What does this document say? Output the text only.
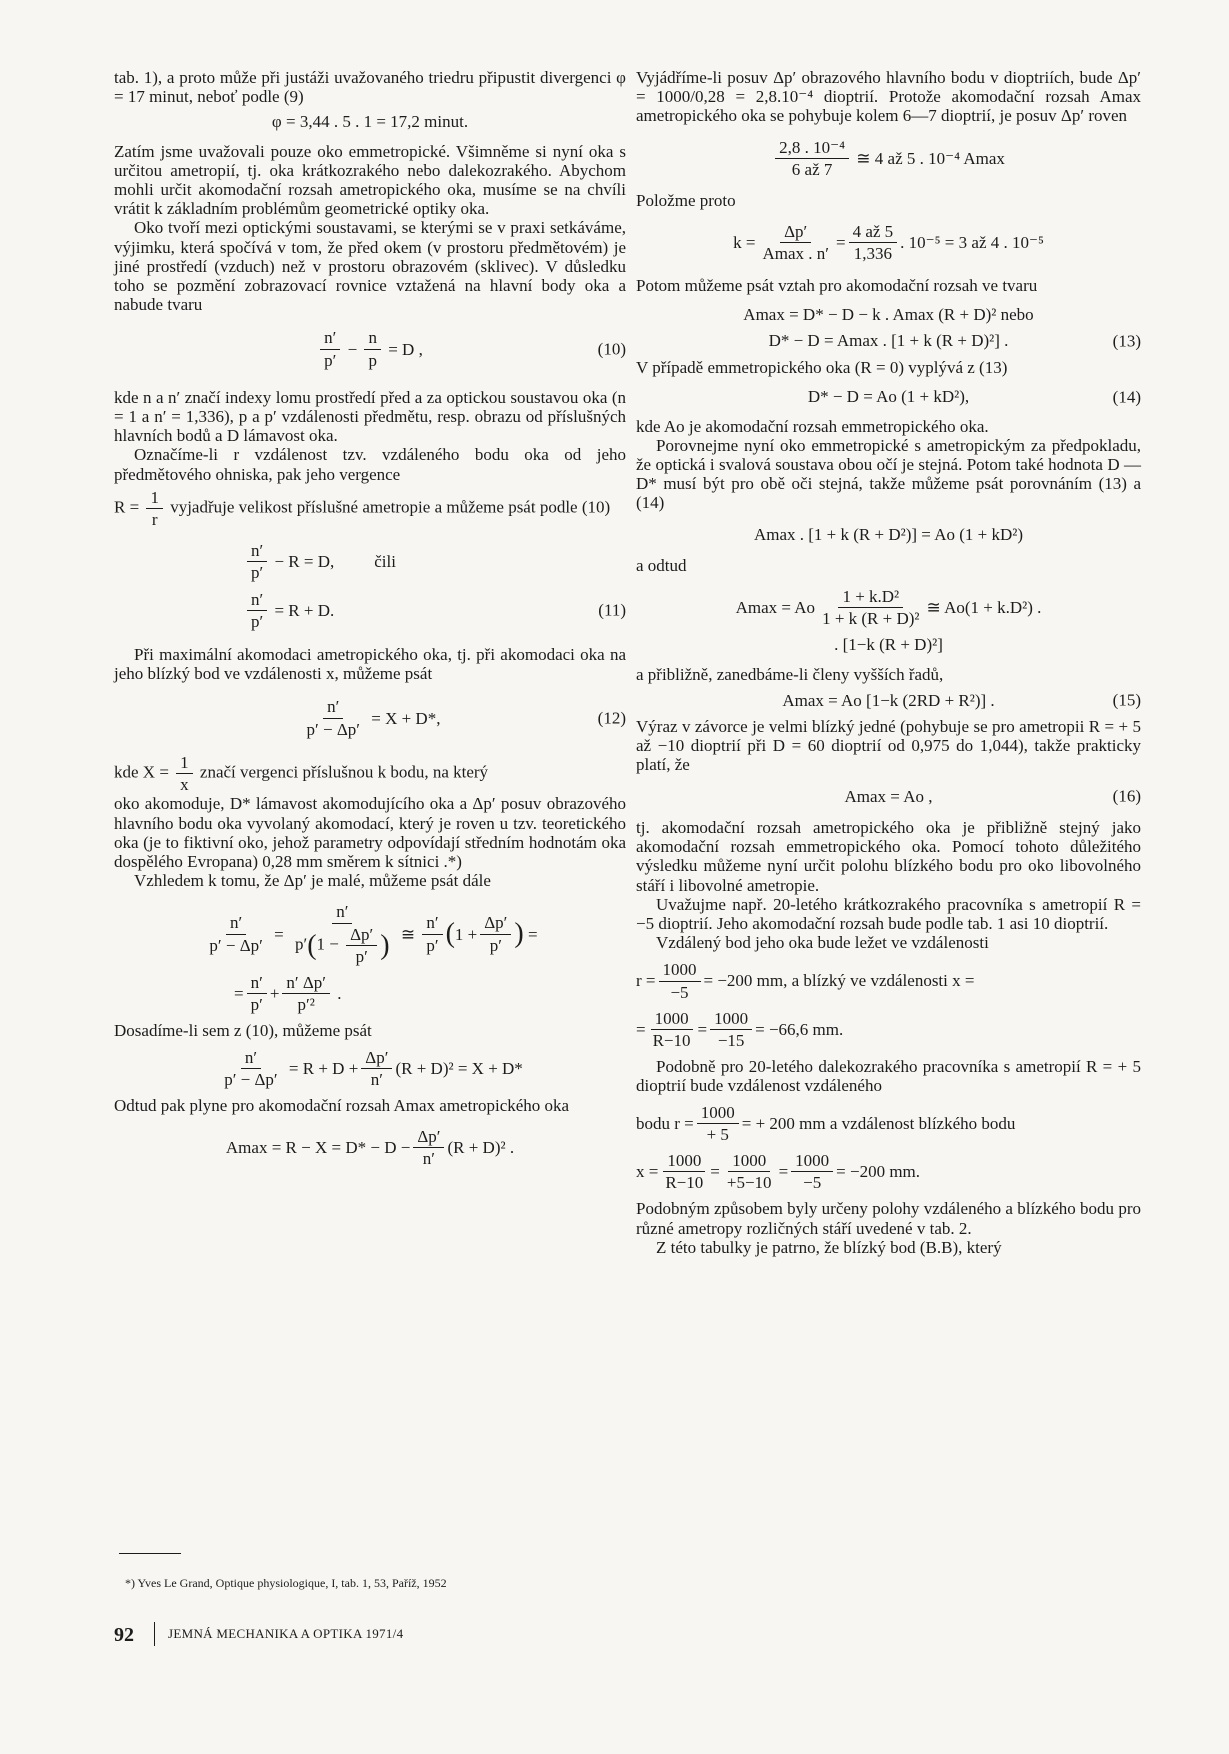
tab. 1), a proto může při justáži uvažovaného triedru připustit divergenci φ = 17 minut, neboť podle (9)

φ = 3,44 . 5 . 1 = 17,2 minut.

Zatím jsme uvažovali pouze oko emmetropické. Všimněme si nyní oka s určitou ametropií, tj. oka krátkozrakého nebo dalekozrakého. Abychom mohli určit akomodační rozsah ametropického oka, musíme se na chvíli vrátit k základním problémům geometrické optiky oka.

Oko tvoří mezi optickými soustavami, se kterými se v praxi setkáváme, výjimku, která spočívá v tom, že před okem (v prostoru předmětovém) je jiné prostředí (vzduch) než v prostoru obrazovém (sklivec). V důsledku toho se pozmění zobrazovací rovnice vztažená na hlavní body oka a nabude tvaru

$\frac{n'}{p'} - \frac{n}{p}$
= D ,	(10)

kde n a n′ značí indexy lomu prostředí před a za optickou soustavou oka (n = 1 a n′ = 1,336), p a p′ vzdálenosti předmětu, resp. obrazu od příslušných hlavních bodů a D lámavost oka.

Označíme-li r vzdálenost tzv. vzdáleného bodu oka od jeho předmětového ohniska, pak jeho vergence

$R = \frac{1}{r}$ vyjadřuje velikost příslušné ametropie a můžeme psát podle (10)

$\frac{n'}{p'}$
− R = D, čili
$\frac{n'}{p'}$
= R + D.	(11)

Při maximální akomodaci ametropického oka, tj. při akomodaci oka na jeho blízký bod ve vzdálenosti x, můžeme psát

$\frac{n'}{p' - \Delta p'}$
= X + D*,	(12)

kde $X = \frac{1}{x}$ značí vergenci příslušnou k bodu, na který

oko akomoduje, D* lámavost akomodujícího oka a Δp′ posuv obrazového hlavního bodu oka vyvolaný akomodací, který je roven u tzv. teoretického oka (je to fiktivní oko, jehož parametry odpovídají středním hodnotám oka dospělého Evropana) 0,28 mm směrem k sítnici .*)

Vzhledem k tomu, že Δp′ je malé, můžeme psát dále

$\frac{n'}{p' - \Delta p'} = \frac{n'}{p'(1 - \frac{\Delta p'}{p'} )}$
≅
$\frac{n'}{p'}$ ( $1 + \frac{\Delta p'}{p'}$ )
=
= $\frac{n'}{p'} + \frac{n' \Delta p'}{\text{p′²}}$
.

Dosadíme-li sem z (10), můžeme psát

$\frac{n'}{p' - \Delta p'}$
= $R + D + \frac{\Delta p'}{n'} (R + D)^2 = X + D*$

Odtud pak plyne pro akomodační rozsah Amax ametropického oka

$Amax = R - X = D* - D - \frac{\Delta p'}{n'} (R + D)^2$ .
*) Yves Le Grand, Optique physiologique, I, tab. 1, 53, Paříž, 1952

Vyjádříme-li posuv Δp′ obrazového hlavního bodu v dioptriích, bude Δp′ = 1000/0,28 = 2,8.10⁻⁴ dioptrií. Protože akomodační rozsah Amax ametropického oka se pohybuje kolem 6—7 dioptrií, je posuv Δp′ roven

$\frac{\text{2,8 . 10⁻⁴}}{6 až 7}$
≅ 4 až 5 . 10⁻⁴ Amax

Položme proto

$k = \frac{\Delta p'}{Amax . n'} = \frac{4 až 5}{1,336}$ . 10⁻⁵ = 3 až 4 . 10⁻⁵

Potom můžeme psát vztah pro akomodační rozsah ve tvaru

Amax = D* − D − k . Amax (R + D)² nebo
D* − D = Amax . [1 + k (R + D)²] .	(13)

V případě emmetropického oka (R = 0) vyplývá z (13)

D* − D = Ao (1 + kD²),	(14)

kde Ao je akomodační rozsah emmetropického oka.

Porovnejme nyní oko emmetropické s ametropickým za předpokladu, že optická i svalová soustava obou očí je stejná. Potom také hodnota D — D* musí být pro obě oči stejná, takže můžeme psát porovnáním (13) a (14)

Amax . [1 + k (R + D²)] = Ao (1 + kD²)

a odtud

Amax = Ao $\frac{\text{1 + k.D²}}{\text{1 + k (R + D)²}}$ ≅ Ao(1 + k.D²) .
. [1−k (R + D)²]

a přibližně, zanedbáme-li členy vyšších řadů,

Amax = Ao [1−k (2RD + R²)] .	(15)

Výraz v závorce je velmi blízký jedné (pohybuje se pro ametropii R = + 5 až −10 dioptrií při D = 60 dioptrií od 0,975 do 1,044), takže prakticky platí, že

Amax = Ao ,	(16)

tj. akomodační rozsah ametropického oka je přibližně stejný jako akomodační rozsah emmetropického oka. Pomocí tohoto důležitého výsledku můžeme nyní určit polohu blízkého bodu pro oko libovolného stáří i libovolné ametropie.

Uvažujme např. 20-letého krátkozrakého pracovníka s ametropií R = −5 dioptrií. Jeho akomodační rozsah bude podle tab. 1 asi 10 dioptrií.

Vzdálený bod jeho oka bude ležet ve vzdálenosti

$r = \frac{1000}{-5} = -200$ mm, a blízký ve vzdálenosti x =
= $\frac{1000}{R-10} = \frac{1000}{-15} = -66,6$ mm.

Podobně pro 20-letého dalekozrakého pracovníka s ametropií R = + 5 dioptrií bude vzdálenost vzdáleného

bodu $r = \frac{1000}{+ 5}$ = + 200 mm a vzdálenost blízkého bodu
$x = \frac{1000}{R-10} = \frac{1000}{+5-10} = \frac{1000}{-5} = -200$ mm.

Podobným způsobem byly určeny polohy vzdáleného a blízkého bodu pro různé ametropy rozličných stáří uvedené v tab. 2.

Z této tabulky je patrno, že blízký bod (B.B), který

92	JEMNÁ MECHANIKA A OPTIKA 1971/4
